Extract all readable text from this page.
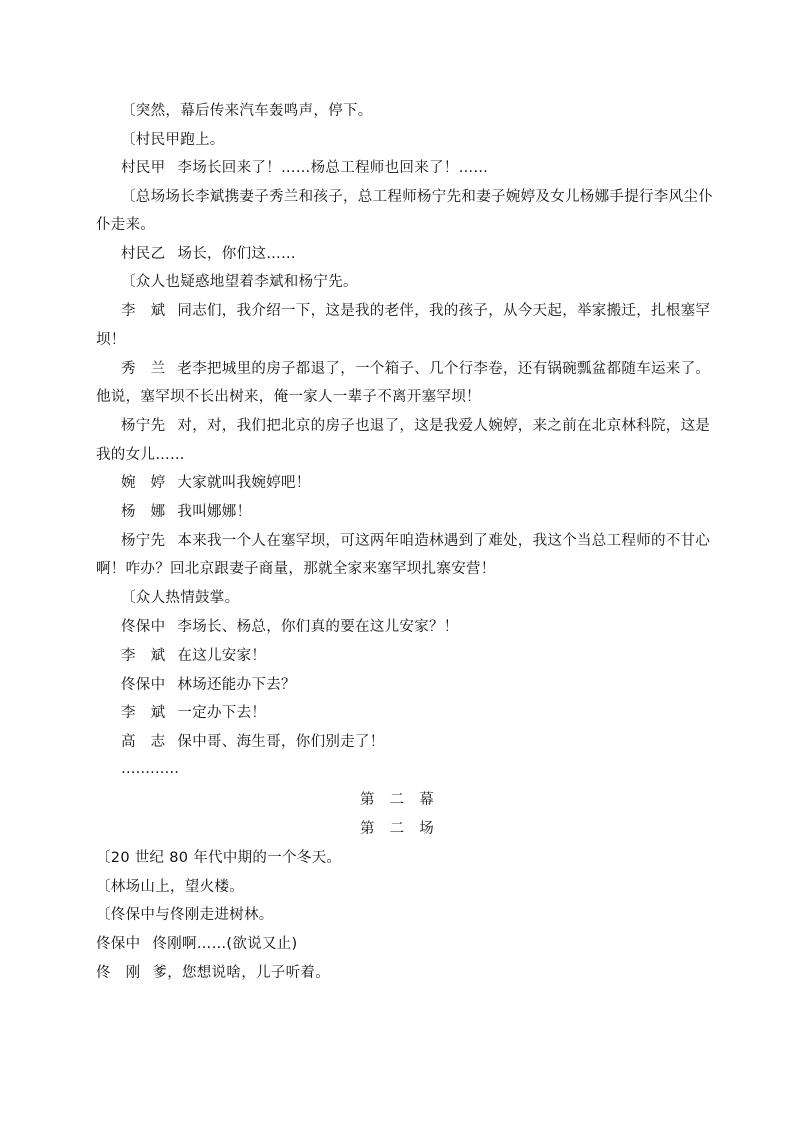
〔突然，幕后传来汽车轰鸣声，停下。
〔村民甲跑上。
村民甲 李场长回来了！……杨总工程师也回来了！……
〔总场场长李斌携妻子秀兰和孩子，总工程师杨宁先和妻子婉婷及女儿杨娜手提行李风尘仆
仆走来。
村民乙 场长，你们这……
〔众人也疑惑地望着李斌和杨宁先。
李　斌 同志们，我介绍一下，这是我的老伴，我的孩子，从今天起，举家搬迁，扎根塞罕
坝！
秀　兰 老李把城里的房子都退了，一个箱子、几个行李卷，还有锅碗瓢盆都随车运来了。
他说，塞罕坝不长出树来，俺一家人一辈子不离开塞罕坝！
杨宁先 对，对，我们把北京的房子也退了，这是我爱人婉婷，来之前在北京林科院，这是
我的女儿……
婉　婷 大家就叫我婉婷吧！
杨　娜 我叫娜娜！
杨宁先 本来我一个人在塞罕坝，可这两年咱造林遇到了难处，我这个当总工程师的不甘心
啊！咋办？回北京跟妻子商量，那就全家来塞罕坝扎寨安营！
〔众人热情鼓掌。
佟保中 李场长、杨总，你们真的要在这儿安家？！
李　斌 在这儿安家！
佟保中 林场还能办下去？
李　斌 一定办下去！
高　志 保中哥、海生哥，你们别走了！
…………
第　二　幕
第　二　场
〔20 世纪 80 年代中期的一个冬天。
〔林场山上，望火楼。
〔佟保中与佟刚走进树林。
佟保中 佟刚啊……(欲说又止)
佟　刚 爹，您想说啥，儿子听着。
